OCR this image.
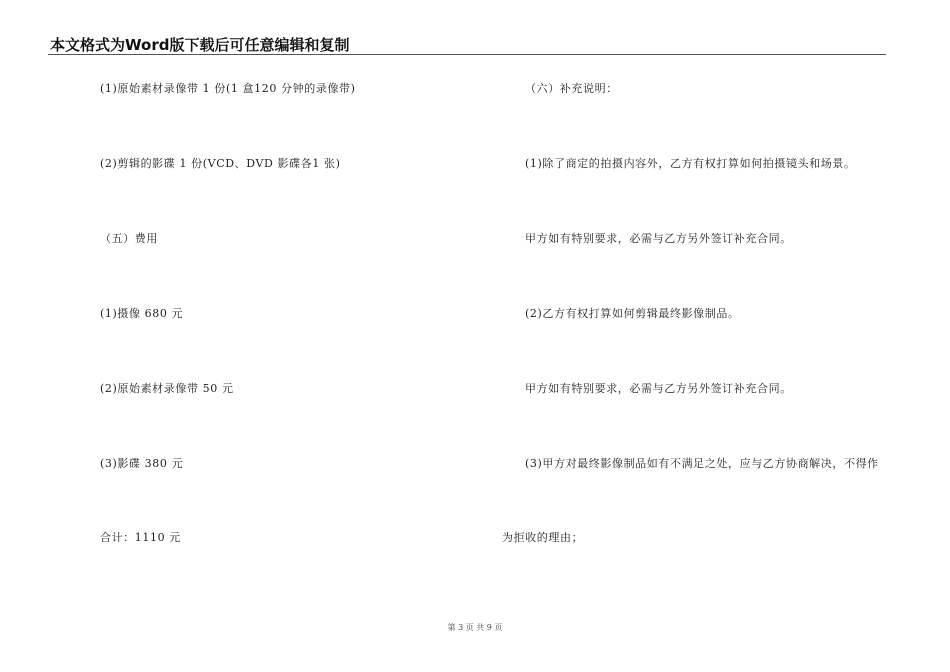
本文格式为Word版下载后可任意编辑和复制
(1)原始素材录像带 1 份(1 盒120 分钟的录像带)
(2)剪辑的影碟 1 份(VCD、DVD 影碟各1 张)
（五）费用
(1)摄像 680 元
(2)原始素材录像带 50 元
(3)影碟 380 元
合计：1110 元
（六）补充说明：
(1)除了商定的拍摄内容外，乙方有权打算如何拍摄镜头和场景。
甲方如有特别要求，必需与乙方另外签订补充合同。
(2)乙方有权打算如何剪辑最终影像制品。
甲方如有特别要求，必需与乙方另外签订补充合同。
(3)甲方对最终影像制品如有不满足之处，应与乙方协商解决，不得作
为拒收的理由；
第 3 页 共 9 页
